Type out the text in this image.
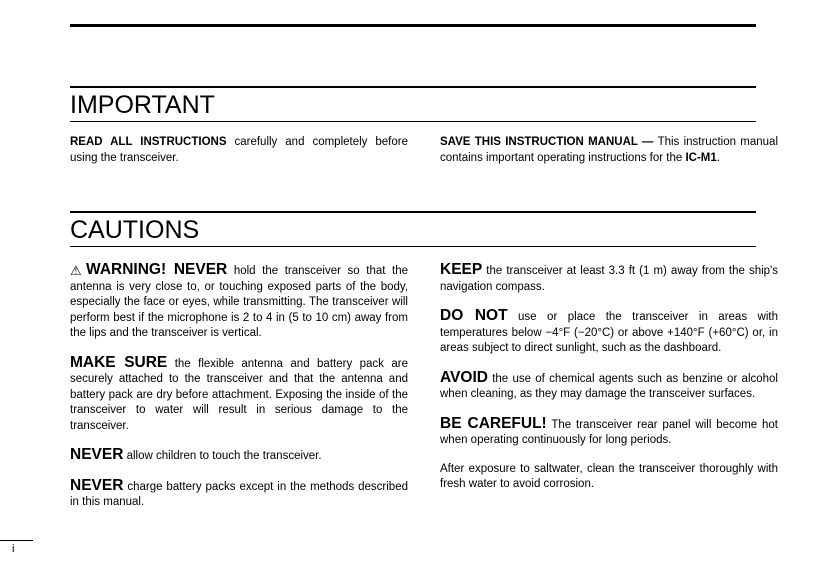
IMPORTANT

READ ALL INSTRUCTIONS carefully and completely before using the transceiver.

SAVE THIS INSTRUCTION MANUAL — This instruction manual contains important operating instructions for the IC-M1.

CAUTIONS

⚠WARNING! NEVER hold the transceiver so that the antenna is very close to, or touching exposed parts of the body, especially the face or eyes, while transmitting. The transceiver will perform best if the microphone is 2 to 4 in (5 to 10 cm) away from the lips and the transceiver is vertical.

MAKE SURE the flexible antenna and battery pack are securely attached to the transceiver and that the antenna and battery pack are dry before attachment. Exposing the inside of the transceiver to water will result in serious damage to the transceiver.

NEVER allow children to touch the transceiver.

NEVER charge battery packs except in the methods described in this manual.

KEEP the transceiver at least 3.3 ft (1 m) away from the ship's navigation compass.

DO NOT use or place the transceiver in areas with temperatures below −4°F (−20°C) or above +140°F (+60°C) or, in areas subject to direct sunlight, such as the dashboard.

AVOID the use of chemical agents such as benzine or alcohol when cleaning, as they may damage the transceiver surfaces.

BE CAREFUL! The transceiver rear panel will become hot when operating continuously for long periods.

After exposure to saltwater, clean the transceiver thoroughly with fresh water to avoid corrosion.

i
